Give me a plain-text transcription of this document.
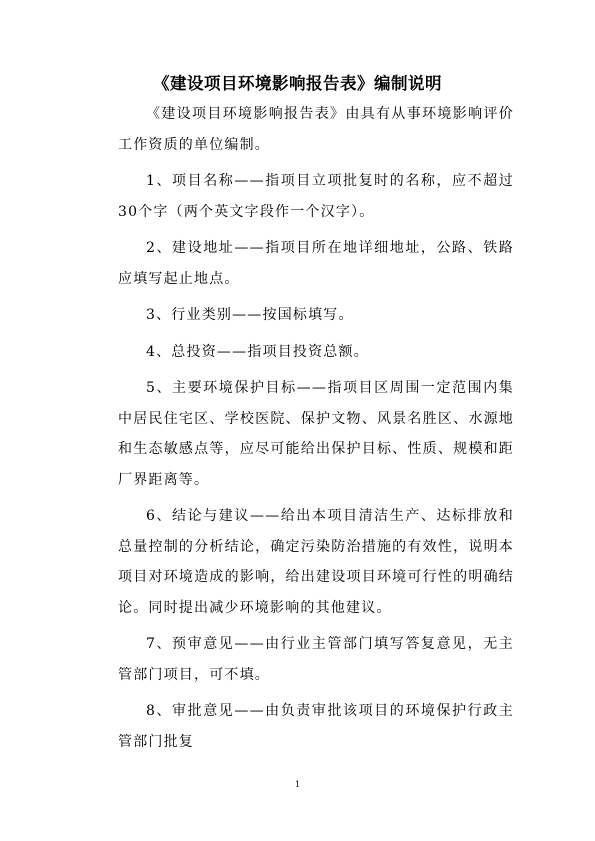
《建设项目环境影响报告表》编制说明

《建设项目环境影响报告表》由具有从事环境影响评价工作资质的单位编制。

1、项目名称——指项目立项批复时的名称，应不超过30个字（两个英文字段作一个汉字）。

2、建设地址——指项目所在地详细地址，公路、铁路应填写起止地点。

3、行业类别——按国标填写。

4、总投资——指项目投资总额。

5、主要环境保护目标——指项目区周围一定范围内集中居民住宅区、学校医院、保护文物、风景名胜区、水源地和生态敏感点等，应尽可能给出保护目标、性质、规模和距厂界距离等。

6、结论与建议——给出本项目清洁生产、达标排放和总量控制的分析结论，确定污染防治措施的有效性，说明本项目对环境造成的影响，给出建设项目环境可行性的明确结论。同时提出减少环境影响的其他建议。

7、预审意见——由行业主管部门填写答复意见，无主管部门项目，可不填。

8、审批意见——由负责审批该项目的环境保护行政主管部门批复

1
